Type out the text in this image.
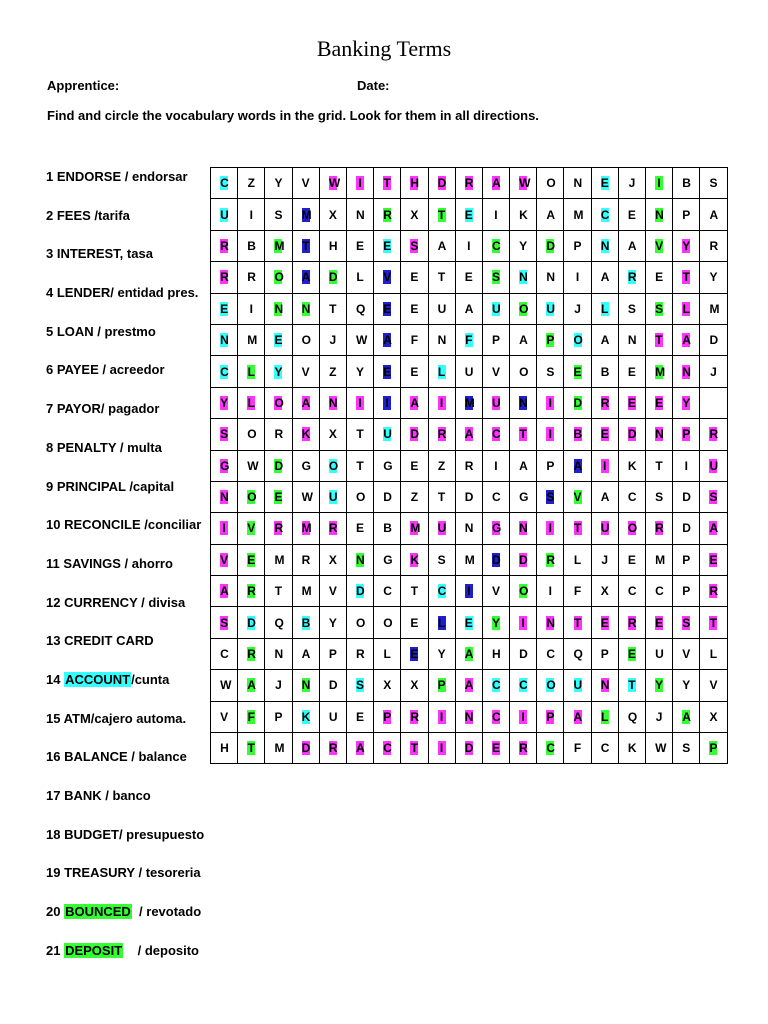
Banking Terms
Apprentice:	Date:
Find and circle the vocabulary words in the grid. Look for them in all directions.
1 ENDORSE / endorsar
2 FEES /tarifa
3 INTEREST, tasa
4 LENDER/ entidad pres.
5 LOAN / prestmo
6 PAYEE / acreedor
7 PAYOR/ pagador
8 PENALTY / multa
9 PRINCIPAL /capital
10 RECONCILE /conciliar
11 SAVINGS / ahorro
12 CURRENCY / divisa
13 CREDIT CARD
14 ACCOUNT/cunta
15 ATM/cajero automa.
16 BALANCE / balance
17 BANK / banco
18 BUDGET/ presupuesto
19 TREASURY / tesoreria
20 BOUNCED  / revotado
21 DEPOSIT    / deposito
C	Z	Y	V	W	I	T	H	D	R	A	W	O	N	E	J	I	B	S
U	I	S	M	X	N	R	X	T	E	I	K	A	M	C	E	N	P	A
R	B	M	T	H	E	E	S	A	I	C	Y	D	P	N	A	V	Y	R
R	R	O	A	D	L	V	E	T	E	S	N	N	I	A	R	E	T	Y
E	I	N	N	T	Q	E	E	U	A	U	O	U	J	L	S	S	L	M
N	M	E	O	J	W	A	F	N	F	P	A	P	O	A	N	T	A	D
C	L	Y	V	Z	Y	E	E	L	U	V	O	S	E	B	E	M	N	J
Y	L	O	A	N	I	I	A	I	M	U	N	I	D	R	E	E	Y	
S	O	R	K	X	T	U	D	R	A	C	T	I	B	E	D	N	P	R
G	W	D	G	O	T	G	E	Z	R	I	A	P	A	I	K	T	I	U
N	O	E	W	U	O	D	Z	T	D	C	G	S	V	A	C	S	D	S
I	V	R	M	R	E	B	M	U	N	G	N	I	T	U	O	R	D	A
V	E	M	R	X	N	G	K	S	M	D	D	R	L	J	E	M	P	E
A	R	T	M	V	D	C	T	C	I	V	O	I	F	X	C	C	P	R
S	D	Q	B	Y	O	O	E	L	E	Y	I	N	T	E	R	E	S	T
C	R	N	A	P	R	L	E	Y	A	H	D	C	Q	P	E	U	V	L
W	A	J	N	D	S	X	X	P	A	C	C	O	U	N	T	Y	Y	V
V	F	P	K	U	E	P	R	I	N	C	I	P	A	L	Q	J	A	X
H	T	M	D	R	A	C	T	I	D	E	R	C	F	C	K	W	S	P
